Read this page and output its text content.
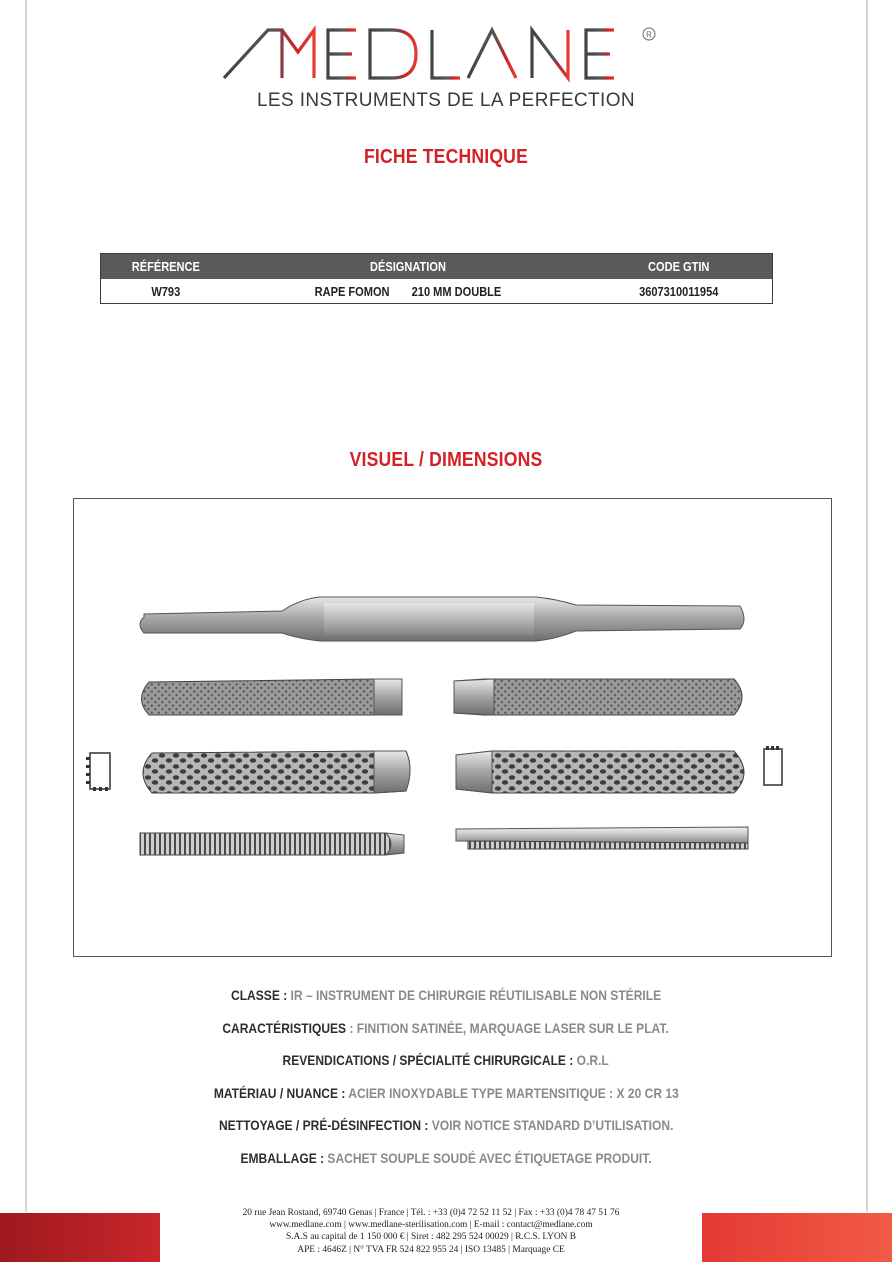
R
LES INSTRUMENTS DE LA PERFECTION
FICHE TECHNIQUE
RÉFÉRENCE	DÉSIGNATION	CODE GTIN
W793	RAPE FOMON 210 MM DOUBLE	3607310011954
VISUEL / DIMENSIONS
CLASSE : IR – INSTRUMENT DE CHIRURGIE RÉUTILISABLE NON STÉRILE
CARACTÉRISTIQUES : FINITION SATINÉE, MARQUAGE LASER SUR LE PLAT.
REVENDICATIONS / SPÉCIALITÉ CHIRURGICALE : O.R.L
MATÉRIAU / NUANCE : ACIER INOXYDABLE TYPE MARTENSITIQUE : X 20 CR 13
NETTOYAGE / PRÉ-DÉSINFECTION : VOIR NOTICE STANDARD D’UTILISATION.
EMBALLAGE : SACHET SOUPLE SOUDÉ AVEC ÉTIQUETAGE PRODUIT.
20 rue Jean Rostand, 69740 Genas | France | Tél. : +33 (0)4 72 52 11 52 | Fax : +33 (0)4 78 47 51 76
www.medlane.com | www.medlane-sterilisation.com | E-mail : contact@medlane.com
S.A.S au capital de 1 150 000 € | Siret : 482 295 524 00029 | R.C.S. LYON B
APE : 4646Z | N° TVA FR 524 822 955 24 | ISO 13485 | Marquage CE
